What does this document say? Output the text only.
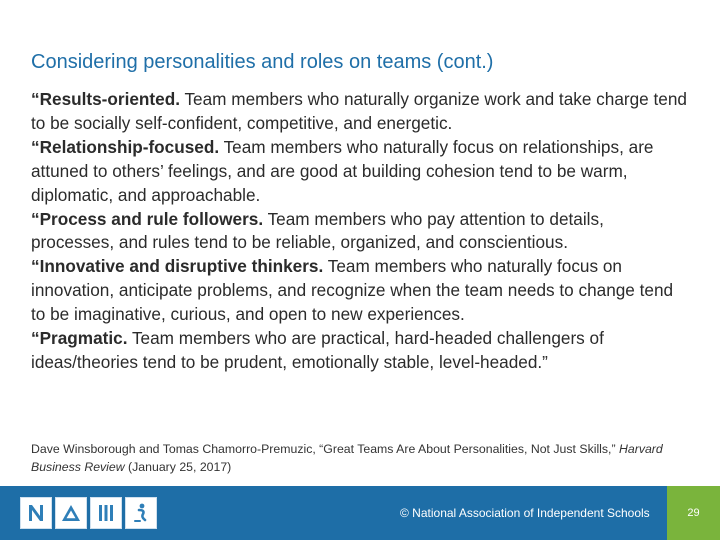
Considering personalities and roles on teams (cont.)

“Results-oriented. Team members who naturally organize work and take charge tend to be socially self-confident, competitive, and energetic.

“Relationship-focused. Team members who naturally focus on relationships, are attuned to others’ feelings, and are good at building cohesion tend to be warm, diplomatic, and approachable.

“Process and rule followers. Team members who pay attention to details, processes, and rules tend to be reliable, organized, and conscientious.

“Innovative and disruptive thinkers. Team members who naturally focus on innovation, anticipate problems, and recognize when the team needs to change tend to be imaginative, curious, and open to new experiences.

“Pragmatic. Team members who are practical, hard-headed challengers of ideas/theories tend to be prudent, emotionally stable, level-headed.”

Dave Winsborough and Tomas Chamorro-Premuzic, “Great Teams Are About Personalities, Not Just Skills,” Harvard Business Review (January 25, 2017)
© National Association of Independent Schools	29
